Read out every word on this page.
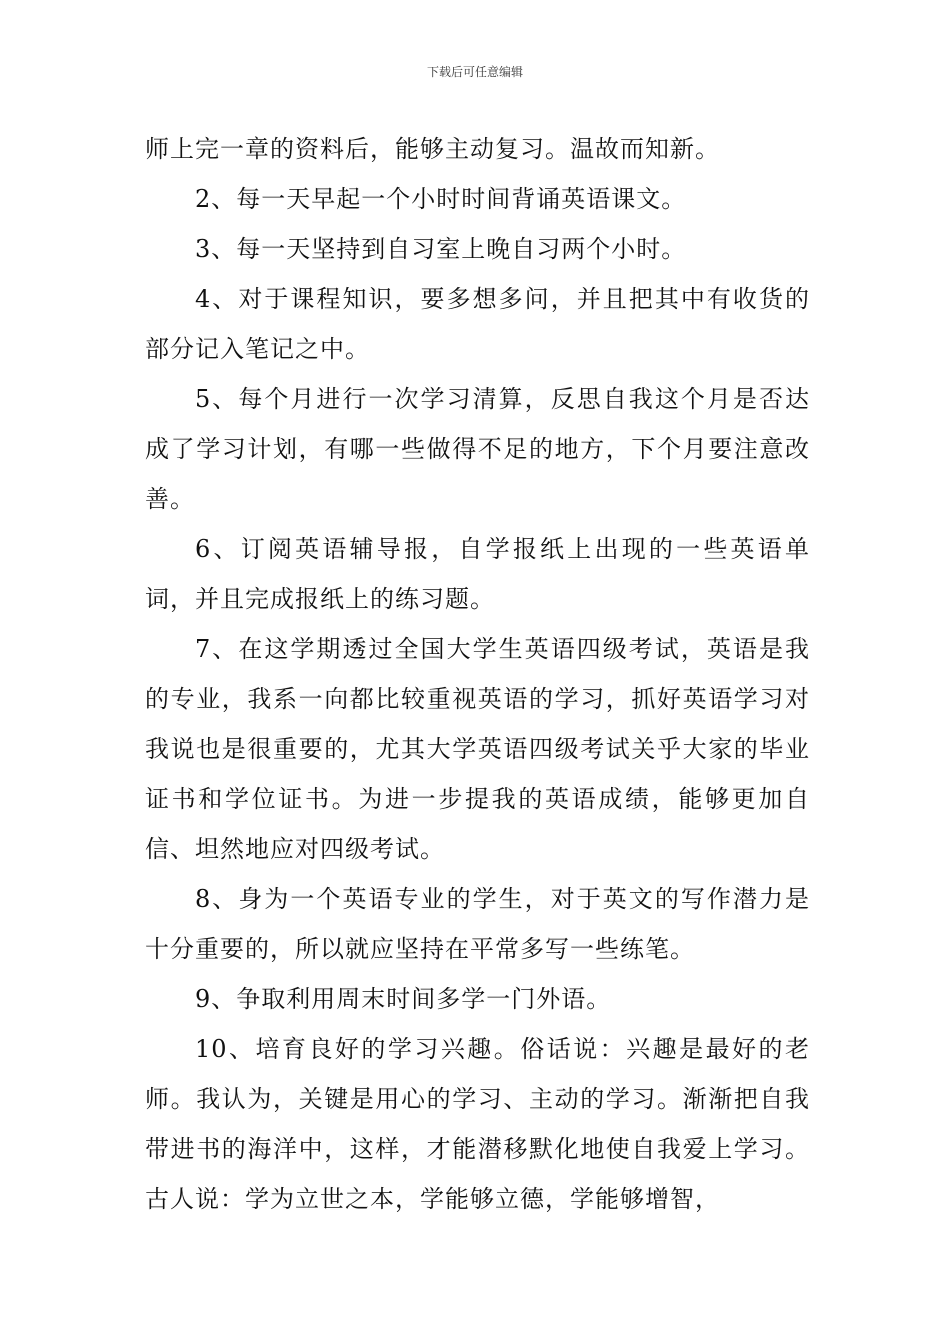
下载后可任意编辑

师上完一章的资料后，能够主动复习。温故而知新。

2、每一天早起一个小时时间背诵英语课文。

3、每一天坚持到自习室上晚自习两个小时。

4、对于课程知识，要多想多问，并且把其中有收货的部分记入笔记之中。

5、每个月进行一次学习清算，反思自我这个月是否达成了学习计划，有哪一些做得不足的地方，下个月要注意改善。

6、订阅英语辅导报，自学报纸上出现的一些英语单词，并且完成报纸上的练习题。

7、在这学期透过全国大学生英语四级考试，英语是我的专业，我系一向都比较重视英语的学习，抓好英语学习对我说也是很重要的，尤其大学英语四级考试关乎大家的毕业证书和学位证书。为进一步提我的英语成绩，能够更加自信、坦然地应对四级考试。

8、身为一个英语专业的学生，对于英文的写作潜力是十分重要的，所以就应坚持在平常多写一些练笔。

9、争取利用周末时间多学一门外语。

10、培育良好的学习兴趣。俗话说：兴趣是最好的老师。我认为，关键是用心的学习、主动的学习。渐渐把自我带进书的海洋中，这样，才能潜移默化地使自我爱上学习。古人说：学为立世之本，学能够立德，学能够增智，
